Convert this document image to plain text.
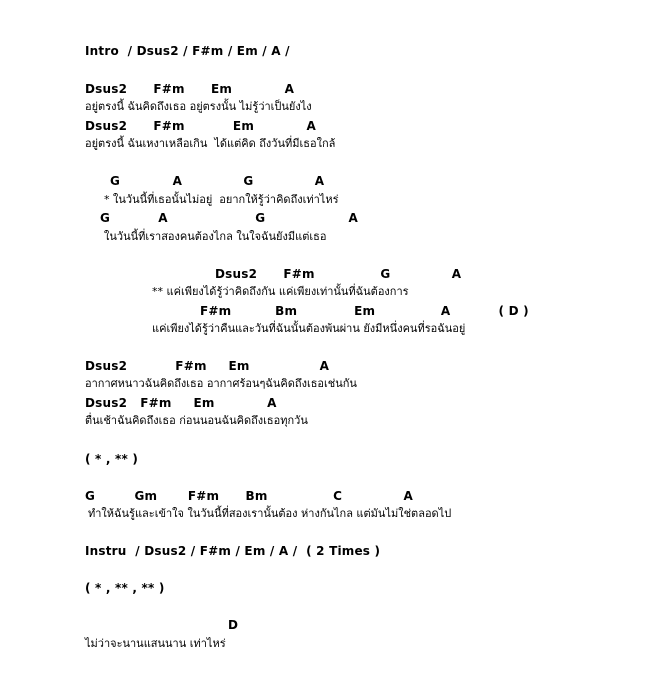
Intro  / Dsus2 / F#m / Em / A /
Dsus2      F#m      Em            A
อยู่ตรงนี้ ฉันคิดถึงเธอ อยู่ตรงนั้น ไม่รู้ว่าเป็นยังไง
Dsus2      F#m           Em            A
อยู่ตรงนี้ ฉันเหงาเหลือเกิน  ได้แต่คิด ถึงวันที่มีเธอใกล้
G            A              G              A
* ในวันนี้ที่เธอนั้นไม่อยู่  อยากให้รู้ว่าคิดถึงเท่าไหร่
G           A                    G                   A
ในวันนี้ที่เราสองคนต้องไกล ในใจฉันยังมีแต่เธอ
Dsus2      F#m               G              A
** แค่เพียงได้รู้ว่าคิดถึงกัน แค่เพียงเท่านั้นที่ฉันต้องการ
F#m          Bm             Em               A           ( D )
แค่เพียงได้รู้ว่าคืนและวันที่ฉันนั้นต้องพ้นผ่าน ยังมีหนึ่งคนที่รอฉันอยู่
Dsus2           F#m     Em                A
อากาศหนาวฉันคิดถึงเธอ อากาศร้อนๆฉันคิดถึงเธอเช่นกัน
Dsus2   F#m     Em            A
ตื่นเช้าฉันคิดถึงเธอ ก่อนนอนฉันคิดถึงเธอทุกวัน
( * , ** )
G         Gm       F#m      Bm               C              A
ทำให้ฉันรู้และเข้าใจ ในวันนี้ที่สองเรานั้นต้อง ห่างกันไกล แต่มันไม่ใช่ตลอดไป
Instru  / Dsus2 / F#m / Em / A /  ( 2 Times )
( * , ** , ** )
D
ไม่ว่าจะนานแสนนาน เท่าไหร่
